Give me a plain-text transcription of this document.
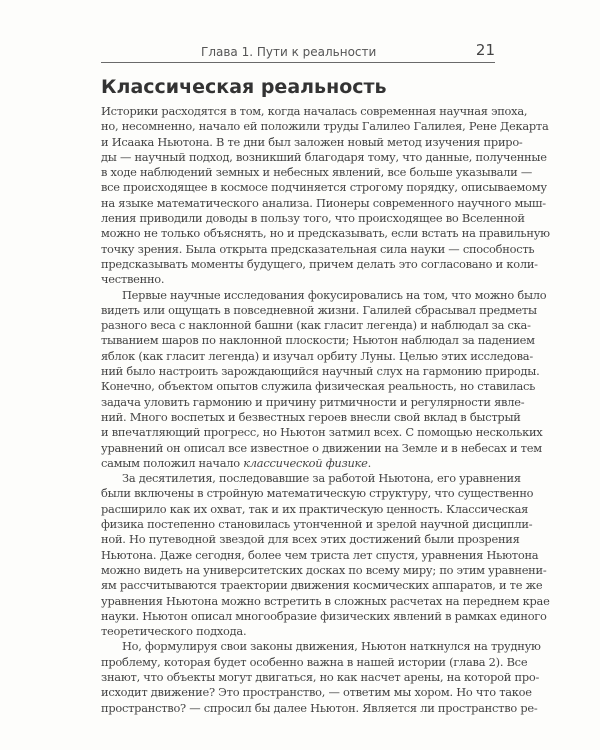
Глава 1. Пути к реальности	21
Классическая реальность
Историки расходятся в том, когда началась современная научная эпоха,
но, несомненно, начало ей положили труды Галилео Галилея, Рене Декарта
и Исаака Ньютона. В те дни был заложен новый метод изучения приро-
ды — научный подход, возникший благодаря тому, что данные, полученные
в ходе наблюдений земных и небесных явлений, все больше указывали —
все происходящее в космосе подчиняется строгому порядку, описываемому
на языке математического анализа. Пионеры современного научного мыш-
ления приводили доводы в пользу того, что происходящее во Вселенной
можно не только объяснять, но и предсказывать, если встать на правильную
точку зрения. Была открыта предсказательная сила науки — способность
предсказывать моменты будущего, причем делать это согласовано и коли-
чественно.
Первые научные исследования фокусировались на том, что можно было
видеть или ощущать в повседневной жизни. Галилей сбрасывал предметы
разного веса с наклонной башни (как гласит легенда) и наблюдал за ска-
тыванием шаров по наклонной плоскости; Ньютон наблюдал за падением
яблок (как гласит легенда) и изучал орбиту Луны. Целью этих исследова-
ний было настроить зарождающийся научный слух на гармонию природы.
Конечно, объектом опытов служила физическая реальность, но ставилась
задача уловить гармонию и причину ритмичности и регулярности явле-
ний. Много воспетых и безвестных героев внесли свой вклад в быстрый
и впечатляющий прогресс, но Ньютон затмил всех. С помощью нескольких
уравнений он описал все известное о движении на Земле и в небесах и тем
самым положил начало классической физике.
За десятилетия, последовавшие за работой Ньютона, его уравнения
были включены в стройную математическую структуру, что существенно
расширило как их охват, так и их практическую ценность. Классическая
физика постепенно становилась утонченной и зрелой научной дисципли-
ной. Но путеводной звездой для всех этих достижений были прозрения
Ньютона. Даже сегодня, более чем триста лет спустя, уравнения Ньютона
можно видеть на университетских досках по всему миру; по этим уравнени-
ям рассчитываются траектории движения космических аппаратов, и те же
уравнения Ньютона можно встретить в сложных расчетах на переднем крае
науки. Ньютон описал многообразие физических явлений в рамках единого
теоретического подхода.
Но, формулируя свои законы движения, Ньютон наткнулся на трудную
проблему, которая будет особенно важна в нашей истории (глава 2). Все
знают, что объекты могут двигаться, но как насчет арены, на которой про-
исходит движение? Это пространство, — ответим мы хором. Но что такое
пространство? — спросил бы далее Ньютон. Является ли пространство ре-
